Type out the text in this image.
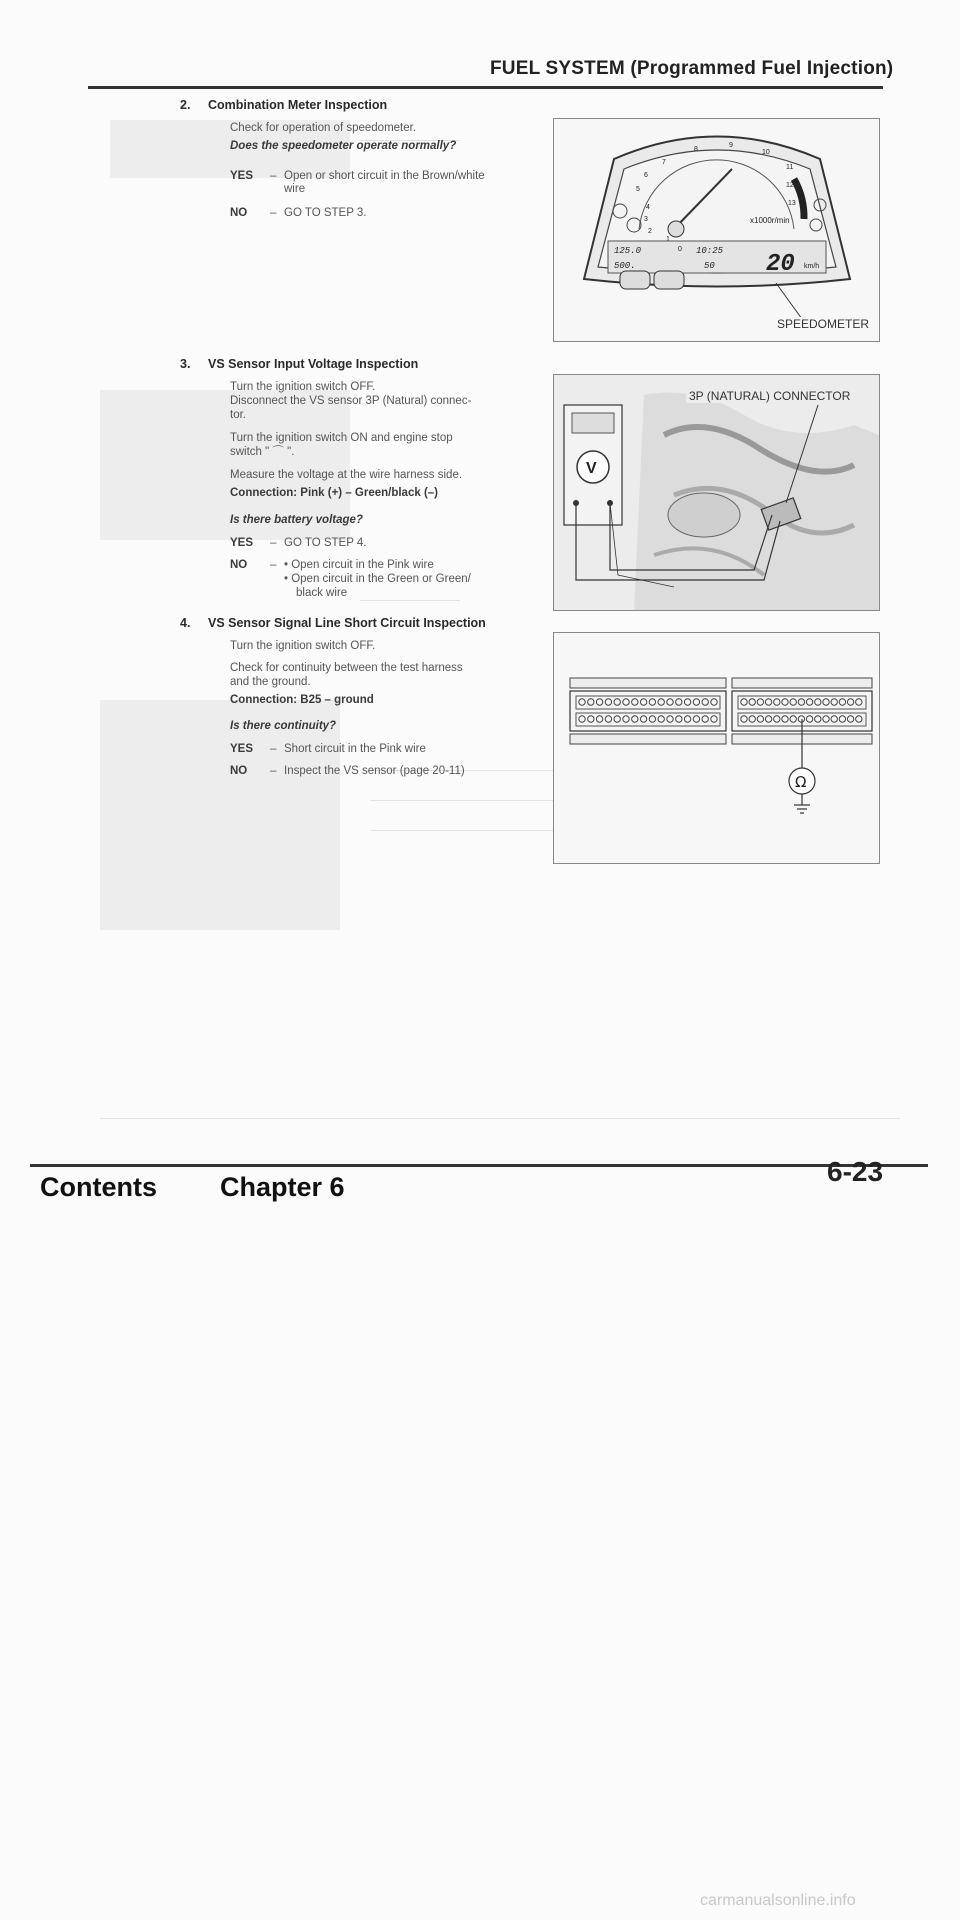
FUEL SYSTEM (Programmed Fuel Injection)
2. Combination Meter Inspection
Check for operation of speedometer.
Does the speedometer operate normally?
YES – Open or short circuit in the Brown/white
wire
NO – GO TO STEP 3.
7
8
9
10
11
6
5
4
3
2
1
0
12
13
x1000r/min
125.0
500.
10:25
50 20 km/h
SPEEDOMETER
3. VS Sensor Input Voltage Inspection
Turn the ignition switch OFF.
Disconnect the VS sensor 3P (Natural) connec-
tor.
Turn the ignition switch ON and engine stop
switch " ⌒ ".
Measure the voltage at the wire harness side.
Connection: Pink (+) – Green/black (–)
Is there battery voltage?
YES – GO TO STEP 4.
NO – • Open circuit in the Pink wire
• Open circuit in the Green or Green/
black wire
V
3P (NATURAL) CONNECTOR
4. VS Sensor Signal Line Short Circuit Inspection
Turn the ignition switch OFF.
Check for continuity between the test harness
and the ground.
Connection: B25 – ground
Is there continuity?
YES – Short circuit in the Pink wire
NO – Inspect the VS sensor (page 20-11)
Ω
6-23
Contents Chapter 6
carmanualsonline.info
